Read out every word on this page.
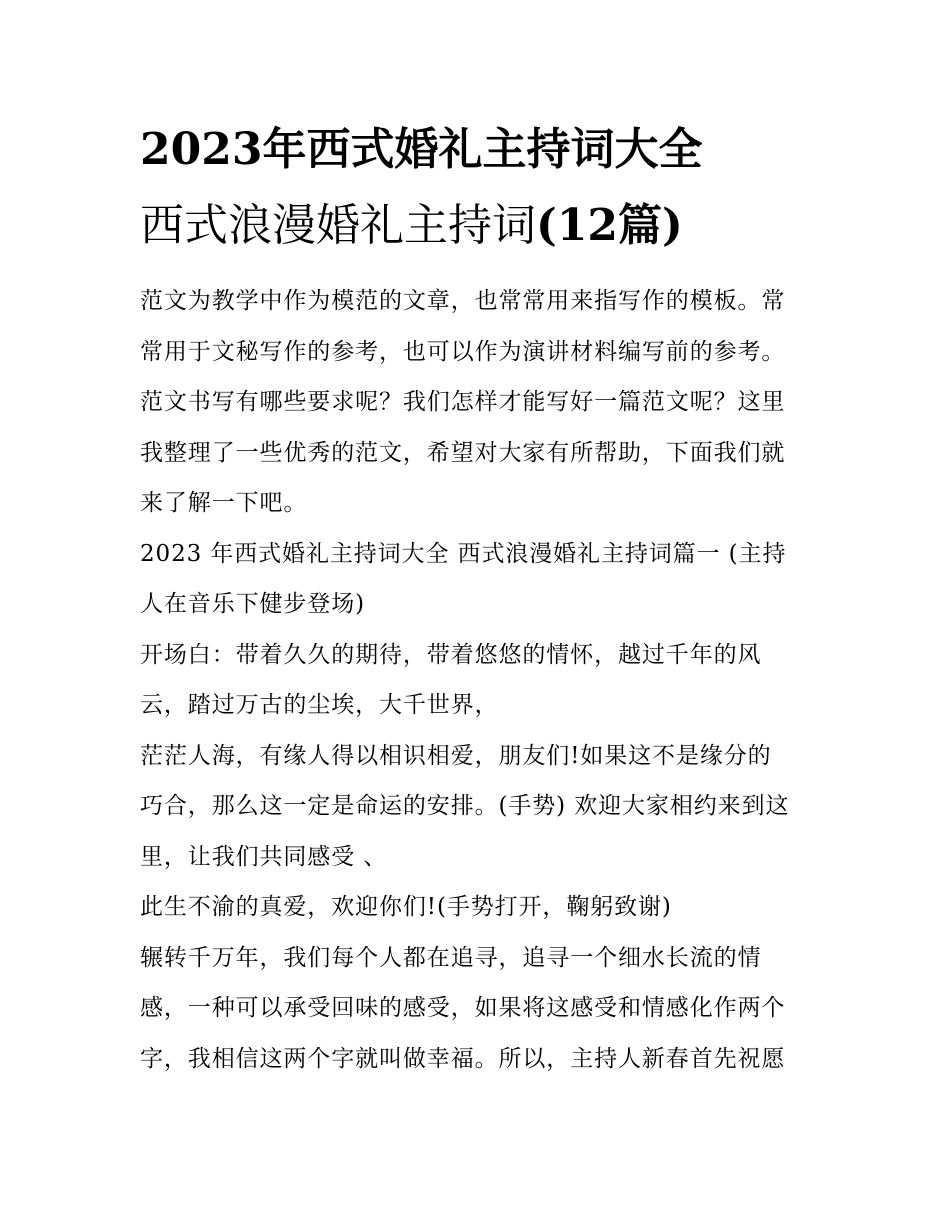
2023年西式婚礼主持词大全
西式浪漫婚礼主持词(12篇)
范文为教学中作为模范的文章，也常常用来指写作的模板。常
常用于文秘写作的参考，也可以作为演讲材料编写前的参考。
范文书写有哪些要求呢？我们怎样才能写好一篇范文呢？这里
我整理了一些优秀的范文，希望对大家有所帮助，下面我们就
来了解一下吧。
2023 年西式婚礼主持词大全 西式浪漫婚礼主持词篇一 (主持
人在音乐下健步登场)
开场白：带着久久的期待，带着悠悠的情怀，越过千年的风
云，踏过万古的尘埃，大千世界，
茫茫人海，有缘人得以相识相爱，朋友们!如果这不是缘分的
巧合，那么这一定是命运的安排。(手势) 欢迎大家相约来到这
里，让我们共同感受 、
此生不渝的真爱，欢迎你们!(手势打开，鞠躬致谢)
辗转千万年，我们每个人都在追寻，追寻一个细水长流的情
感，一种可以承受回味的感受，如果将这感受和情感化作两个
字，我相信这两个字就叫做幸福。所以，主持人新春首先祝愿
